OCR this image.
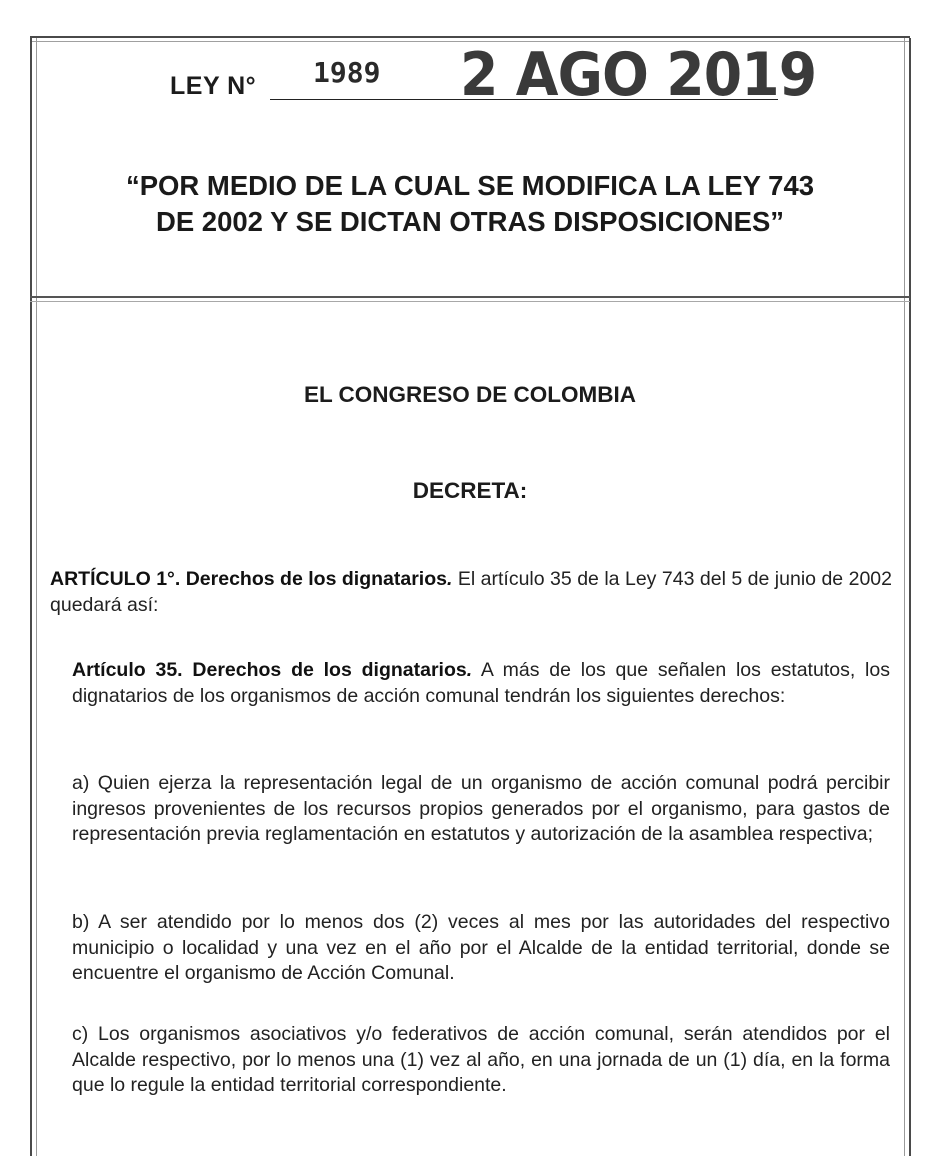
LEY N° 1989 2 AGO 2019
“POR MEDIO DE LA CUAL SE MODIFICA LA LEY 743
DE 2002 Y SE DICTAN OTRAS DISPOSICIONES”
EL CONGRESO DE COLOMBIA
DECRETA:
ARTÍCULO 1°. Derechos de los dignatarios. El artículo 35 de la Ley 743 del 5 de junio de 2002 quedará así:
Artículo 35. Derechos de los dignatarios. A más de los que señalen los estatutos, los dignatarios de los organismos de acción comunal tendrán los siguientes derechos:
a) Quien ejerza la representación legal de un organismo de acción comunal podrá percibir ingresos provenientes de los recursos propios generados por el organismo, para gastos de representación previa reglamentación en estatutos y autorización de la asamblea respectiva;
b) A ser atendido por lo menos dos (2) veces al mes por las autoridades del respectivo municipio o localidad y una vez en el año por el Alcalde de la entidad territorial, donde se encuentre el organismo de Acción Comunal.
c) Los organismos asociativos y/o federativos de acción comunal, serán atendidos por el Alcalde respectivo, por lo menos una (1) vez al año, en una jornada de un (1) día, en la forma que lo regule la entidad territorial correspondiente.
